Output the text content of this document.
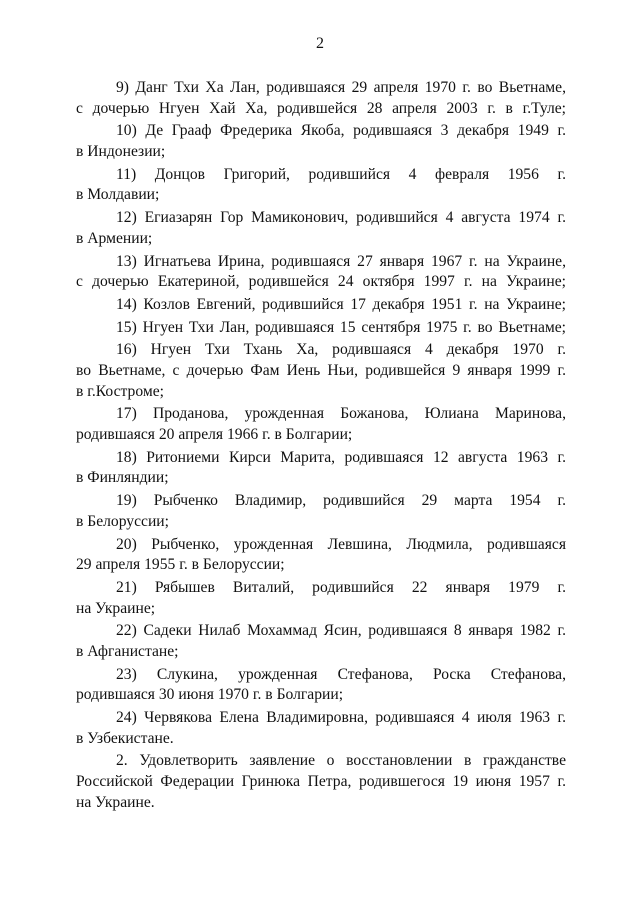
2
9) Данг Тхи Ха Лан, родившаяся 29 апреля 1970 г. во Вьетнаме,
с дочерью Нгуен Хай Ха, родившейся 28 апреля 2003 г. в г.Туле;
10) Де Грааф Фредерика Якоба, родившаяся 3 декабря 1949 г.
в Индонезии;
11) Донцов Григорий, родившийся 4 февраля 1956 г.
в Молдавии;
12) Егиазарян Гор Мамиконович, родившийся 4 августа 1974 г.
в Армении;
13) Игнатьева Ирина, родившаяся 27 января 1967 г. на Украине,
с дочерью Екатериной, родившейся 24 октября 1997 г. на Украине;
14) Козлов Евгений, родившийся 17 декабря 1951 г. на Украине;
15) Нгуен Тхи Лан, родившаяся 15 сентября 1975 г. во Вьетнаме;
16) Нгуен Тхи Тхань Ха, родившаяся 4 декабря 1970 г.
во Вьетнаме, с дочерью Фам Иень Ньи, родившейся 9 января 1999 г.
в г.Костроме;
17) Проданова, урожденная Божанова, Юлиана Маринова,
родившаяся 20 апреля 1966 г. в Болгарии;
18) Ритониеми Кирси Марита, родившаяся 12 августа 1963 г.
в Финляндии;
19) Рыбченко Владимир, родившийся 29 марта 1954 г.
в Белоруссии;
20) Рыбченко, урожденная Левшина, Людмила, родившаяся
29 апреля 1955 г. в Белоруссии;
21) Рябышев Виталий, родившийся 22 января 1979 г.
на Украине;
22) Садеки Нилаб Мохаммад Ясин, родившаяся 8 января 1982 г.
в Афганистане;
23) Слукина, урожденная Стефанова, Роска Стефанова,
родившаяся 30 июня 1970 г. в Болгарии;
24) Червякова Елена Владимировна, родившаяся 4 июля 1963 г.
в Узбекистане.
2. Удовлетворить заявление о восстановлении в гражданстве
Российской Федерации Гринюка Петра, родившегося 19 июня 1957 г.
на Украине.
